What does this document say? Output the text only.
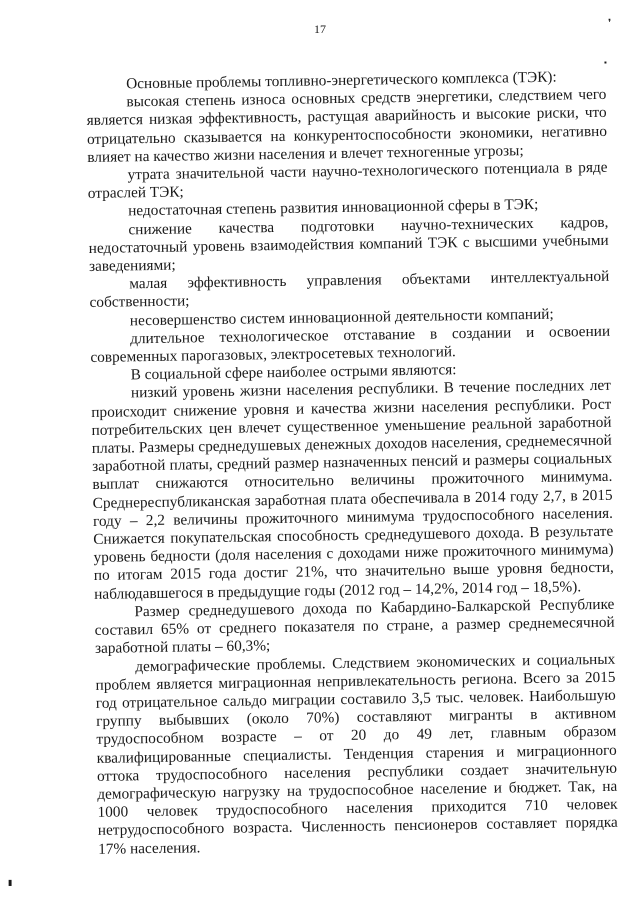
17	❜
▪
▮

Основные проблемы топливно-энергетического комплекса (ТЭК):

высокая степень износа основных средств энергетики, следствием чего является низкая эффективность, растущая аварийность и высокие риски, что отрицательно сказывается на конкурентоспособности экономики, негативно влияет на качество жизни населения и влечет техногенные угрозы;

утрата значительной части научно-технологического потенциала в ряде отраслей ТЭК;

недостаточная степень развития инновационной сферы в ТЭК;

снижение качества подготовки научно-технических кадров, недостаточный уровень взаимодействия компаний ТЭК с высшими учебными заведениями;

малая эффективность управления объектами интеллектуальной собственности;

несовершенство систем инновационной деятельности компаний;

длительное технологическое отставание в создании и освоении современных парогазовых, электросетевых технологий.

В социальной сфере наиболее острыми являются:

низкий уровень жизни населения республики. В течение последних лет происходит снижение уровня и качества жизни населения республики. Рост потребительских цен влечет существенное уменьшение реальной заработной платы. Размеры среднедушевых денежных доходов населения, среднемесячной заработной платы, средний размер назначенных пенсий и размеры социальных выплат снижаются относительно величины прожиточного минимума. Среднереспубликанская заработная плата обеспечивала в 2014 году 2,7, в 2015 году – 2,2 величины прожиточного минимума трудоспособного населения. Снижается покупательская способность среднедушевого дохода. В результате уровень бедности (доля населения с доходами ниже прожиточного минимума) по итогам 2015 года достиг 21%, что значительно выше уровня бедности, наблюдавшегося в предыдущие годы (2012 год – 14,2%, 2014 год – 18,5%).

Размер среднедушевого дохода по Кабардино-Балкарской Республике составил 65% от среднего показателя по стране, а размер среднемесячной заработной платы – 60,3%;

демографические проблемы. Следствием экономических и социальных проблем является миграционная непривлекательность региона. Всего за 2015 год отрицательное сальдо миграции составило 3,5 тыс. человек. Наибольшую группу выбывших (около 70%) составляют мигранты в активном трудоспособном возрасте – от 20 до 49 лет, главным образом квалифицированные специалисты. Тенденция старения и миграционного оттока трудоспособного населения республики создает значительную демографическую нагрузку на трудоспособное население и бюджет. Так, на 1000 человек трудоспособного населения приходится 710 человек нетрудоспособного возраста. Численность пенсионеров составляет порядка 17% населения.
